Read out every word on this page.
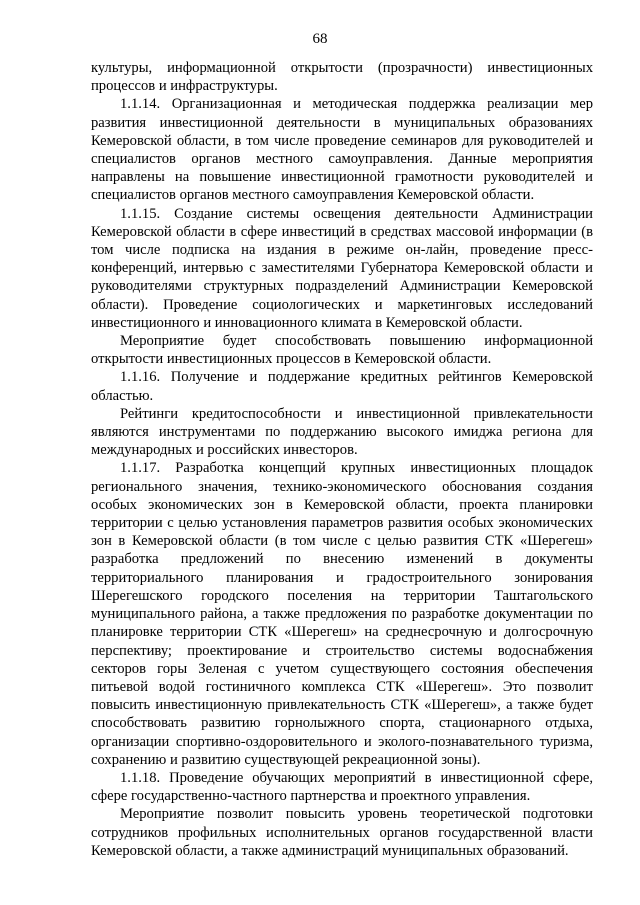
68

культуры, информационной открытости (прозрачности) инвестиционных процессов и инфраструктуры.

1.1.14. Организационная и методическая поддержка реализации мер развития инвестиционной деятельности в муниципальных образованиях Кемеровской области, в том числе проведение семинаров для руководителей и специалистов органов местного самоуправления. Данные мероприятия направлены на повышение инвестиционной грамотности руководителей и специалистов органов местного самоуправления Кемеровской области.

1.1.15. Создание системы освещения деятельности Администрации Кемеровской области в сфере инвестиций в средствах массовой информации (в том числе подписка на издания в режиме он-лайн, проведение пресс-конференций, интервью с заместителями Губернатора Кемеровской области и руководителями структурных подразделений Администрации Кемеровской области). Проведение социологических и маркетинговых исследований инвестиционного и инновационного климата в Кемеровской области.

Мероприятие будет способствовать повышению информационной открытости инвестиционных процессов в Кемеровской области.

1.1.16. Получение и поддержание кредитных рейтингов Кемеровской областью.

Рейтинги кредитоспособности и инвестиционной привлекательности являются инструментами по поддержанию высокого имиджа региона для международных и российских инвесторов.

1.1.17. Разработка концепций крупных инвестиционных площадок регионального значения, технико-экономического обоснования создания особых экономических зон в Кемеровской области, проекта планировки территории с целью установления параметров развития особых экономических зон в Кемеровской области (в том числе с целью развития СТК «Шерегеш» разработка предложений по внесению изменений в документы территориального планирования и градостроительного зонирования Шерегешского городского поселения на территории Таштагольского муниципального района, а также предложения по разработке документации по планировке территории СТК «Шерегеш» на среднесрочную и долгосрочную перспективу; проектирование и строительство системы водоснабжения секторов горы Зеленая с учетом существующего состояния обеспечения питьевой водой гостиничного комплекса СТК «Шерегеш». Это позволит повысить инвестиционную привлекательность СТК «Шерегеш», а также будет способствовать развитию горнолыжного спорта, стационарного отдыха, организации спортивно-оздоровительного и эколого-познавательного туризма, сохранению и развитию существующей рекреационной зоны).

1.1.18. Проведение обучающих мероприятий в инвестиционной сфере, сфере государственно-частного партнерства и проектного управления.

Мероприятие позволит повысить уровень теоретической подготовки сотрудников профильных исполнительных органов государственной власти Кемеровской области, а также администраций муниципальных образований.
